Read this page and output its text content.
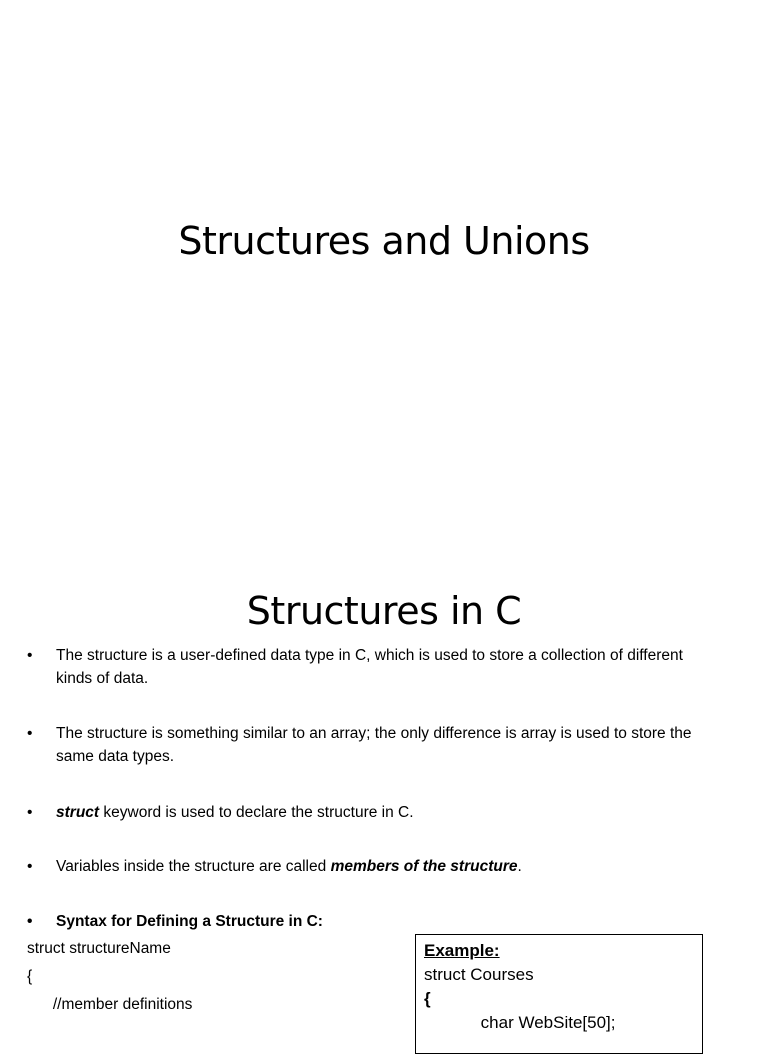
Structures and Unions
Structures in C
•	The structure is a user-defined data type in C, which is used to store a collection of different kinds of data.
•	The structure is something similar to an array; the only difference is array is used to store the same data types.
•	struct keyword is used to declare the structure in C.
•	Variables inside the structure are called members of the structure.
•	Syntax for Defining a Structure in C:
struct structureName
{
//member definitions
Example:
struct Courses
{
char WebSite[50];
